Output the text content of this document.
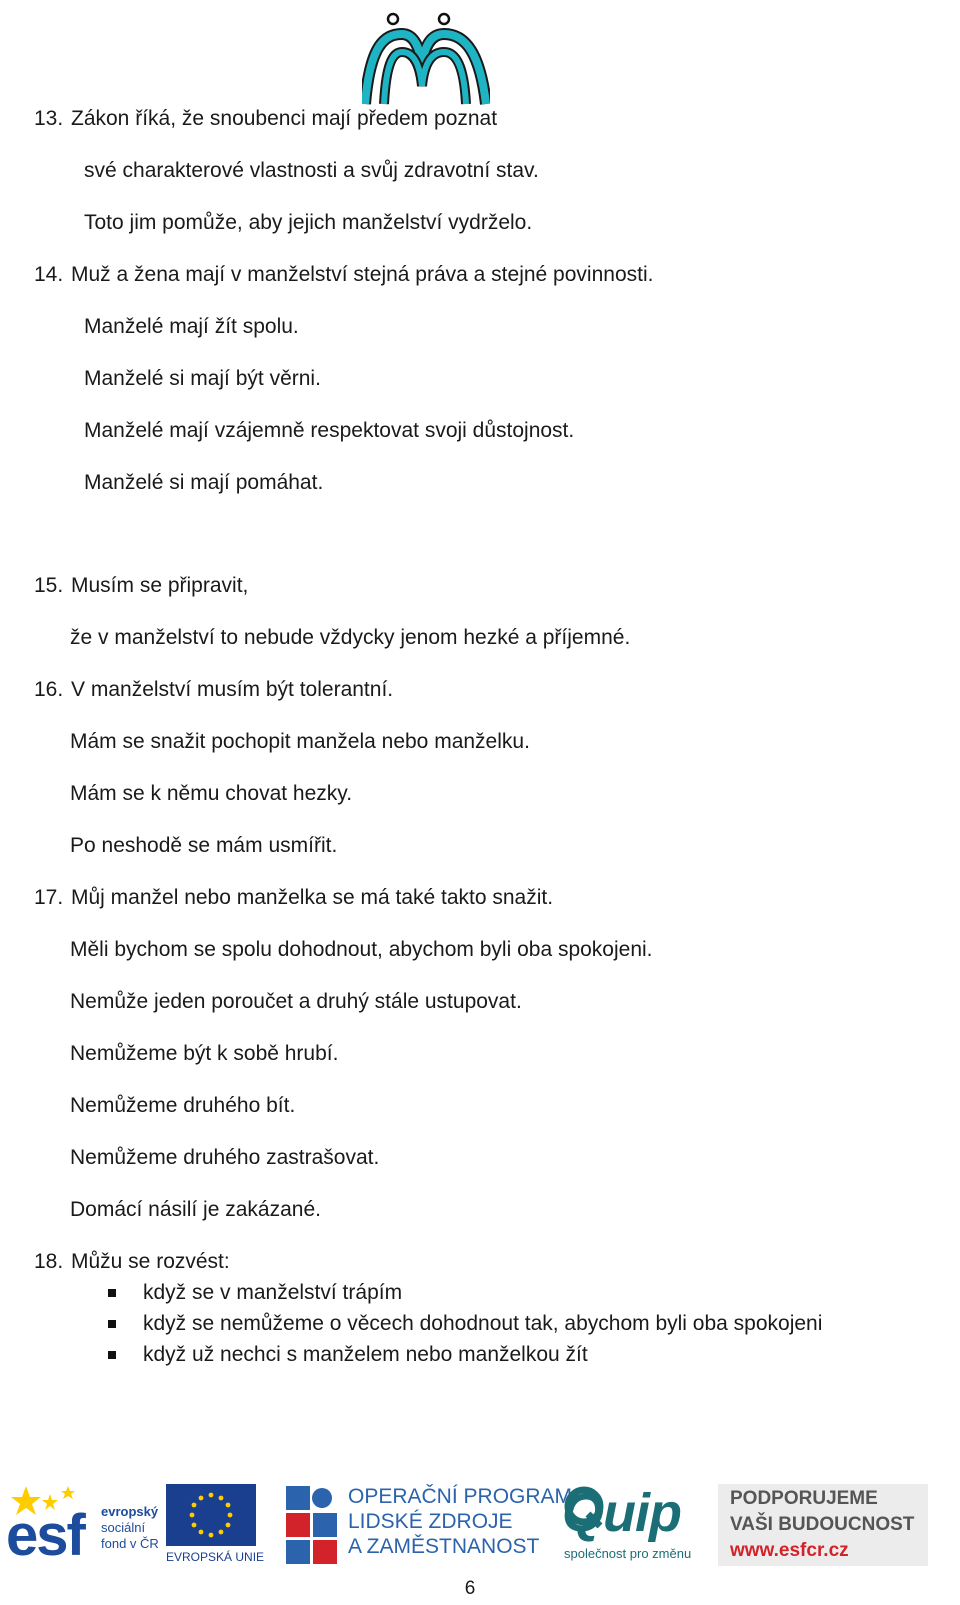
13. Zákon říká, že snoubenci mají předem poznat
své charakterové vlastnosti a svůj zdravotní stav.
Toto jim pomůže, aby jejich manželství vydrželo.
14. Muž a žena mají v manželství stejná práva a stejné povinnosti.
Manželé mají žít spolu.
Manželé si mají být věrni.
Manželé mají vzájemně respektovat svoji důstojnost.
Manželé si mají pomáhat.
15. Musím se připravit,
že v manželství to nebude vždycky jenom hezké a příjemné.
16. V manželství musím být tolerantní.
Mám se snažit pochopit manžela nebo manželku.
Mám se k němu chovat hezky.
Po neshodě se mám usmířit.
17. Můj manžel nebo manželka se má také takto snažit.
Měli bychom se spolu dohodnout, abychom byli oba spokojeni.
Nemůže jeden poroučet a druhý stále ustupovat.
Nemůžeme být k sobě hrubí.
Nemůžeme druhého bít.
Nemůžeme druhého zastrašovat.
Domácí násilí je zakázané.
18. Můžu se rozvést:
když se v manželství trápím
když se nemůžeme o věcech dohodnout tak, abychom byli oba spokojeni
když už nechci s manželem nebo manželkou žít
esf evropský
sociální
fond v ČR
EVROPSKÁ UNIE
OPERAČNÍ PROGRAM
LIDSKÉ ZDROJE
A ZAMĚSTNANOST
Quip
společnost pro změnu
PODPORUJEME
VAŠI BUDOUCNOST
www.esfcr.cz
6
